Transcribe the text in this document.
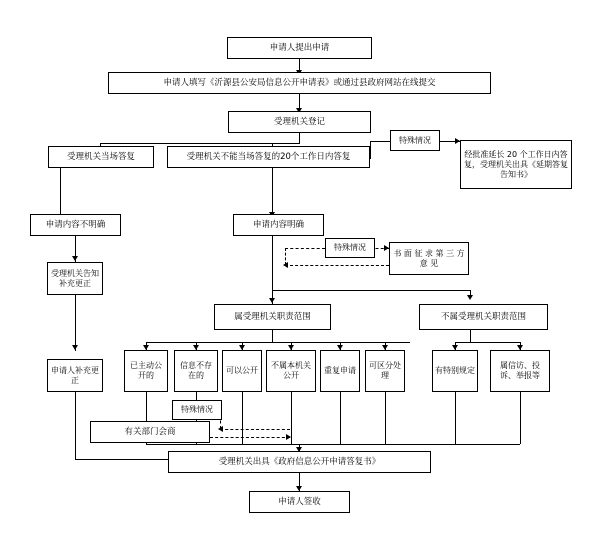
申请人提出申请
申请人填写《沂源县公安局信息公开申请表》或通过县政府网站在线提交
受理机关登记
受理机关当场答复	受理机关不能当场答复的20个工作日内答复	经批准延长 20 个工作日内答复，受理机关出具《延期答复告知书》
申请内容不明确	申请内容明确
书 面 征 求 第 三 方 意 见
受理机关告知补充更正
申请人补充更正
属受理机关职责范围	不属受理机关职责范围
已主动公开的
信息不存在的
可以公开
不属本机关公开
重复申请
可区分处理
有特别规定
属信访、投诉、举报等
有关部门会商
受理机关出具《政府信息公开申请答复书》
申请人签收
特殊情况
特殊情况
特殊情况
